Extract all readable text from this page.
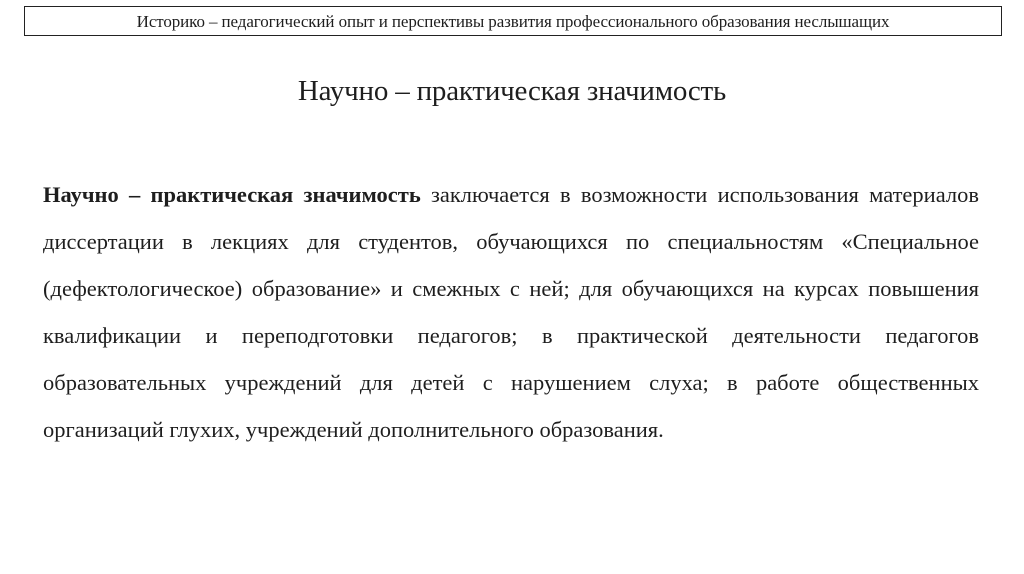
Историко – педагогический опыт и перспективы развития профессионального образования неслышащих
Научно – практическая значимость

Научно – практическая значимость заключается в возможности использования материалов диссертации в лекциях для студентов, обучающихся по специальностям «Специальное (дефектологическое) образование» и смежных с ней; для обучающихся на курсах повышения квалификации и переподготовки педагогов; в практической деятельности педагогов образовательных учреждений для детей с нарушением слуха; в работе общественных организаций глухих, учреждений дополнительного образования.
